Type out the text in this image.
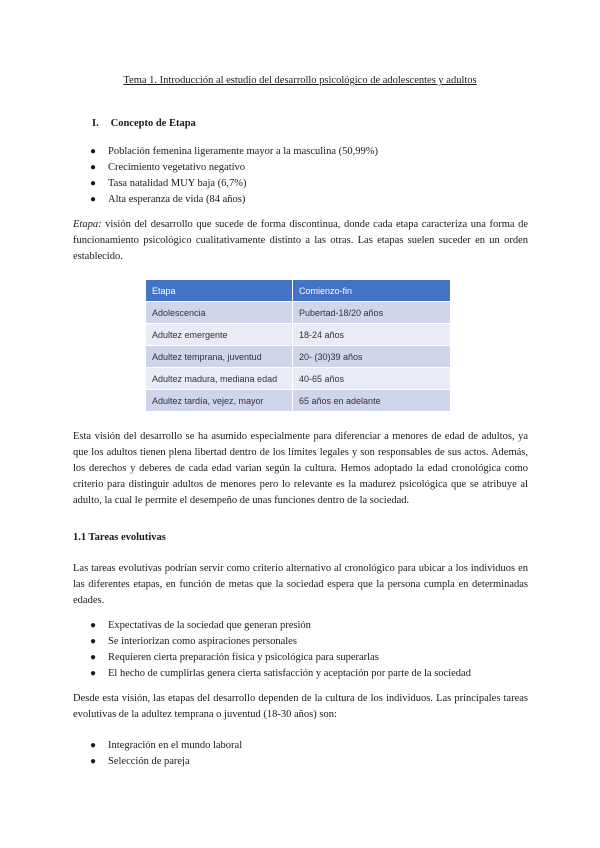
Tema 1. Introducción al estudio del desarrollo psicológico de adolescentes y adultos
I. Concepto de Etapa
● Población femenina ligeramente mayor a la masculina (50,99%)
● Crecimiento vegetativo negativo
● Tasa natalidad MUY baja (6,7%)
● Alta esperanza de vida (84 años)

Etapa: visión del desarrollo que sucede de forma discontinua, donde cada etapa caracteriza una forma de funcionamiento psicológico cualitativamente distinto a las otras. Las etapas suelen suceder en un orden establecido.

Etapa	Comienzo-fin
Adolescencia	Pubertad-18/20 años
Adultez emergente	18-24 años
Adultez temprana, juventud	20- (30)39 años
Adultez madura, mediana edad	40-65 años
Adultez tardía, vejez, mayor	65 años en adelante

Esta visión del desarrollo se ha asumido especialmente para diferenciar a menores de edad de adultos, ya que los adultos tienen plena libertad dentro de los límites legales y son responsables de sus actos. Además, los derechos y deberes de cada edad varían según la cultura. Hemos adoptado la edad cronológica como criterio para distinguir adultos de menores pero lo relevante es la madurez psicológica que se atribuye al adulto, la cual le permite el desempeño de unas funciones dentro de la sociedad.

1.1 Tareas evolutivas

Las tareas evolutivas podrían servir como criterio alternativo al cronológico para ubicar a los individuos en las diferentes etapas, en función de metas que la sociedad espera que la persona cumpla en determinadas edades.

● Expectativas de la sociedad que generan presión
● Se interiorizan como aspiraciones personales
● Requieren cierta preparación física y psicológica para superarlas
● El hecho de cumplirlas genera cierta satisfacción y aceptación por parte de la sociedad

Desde esta visión, las etapas del desarrollo dependen de la cultura de los individuos. Las principales tareas evolutivas de la adultez temprana o juventud (18-30 años) son:

● Integración en el mundo laboral
● Selección de pareja
